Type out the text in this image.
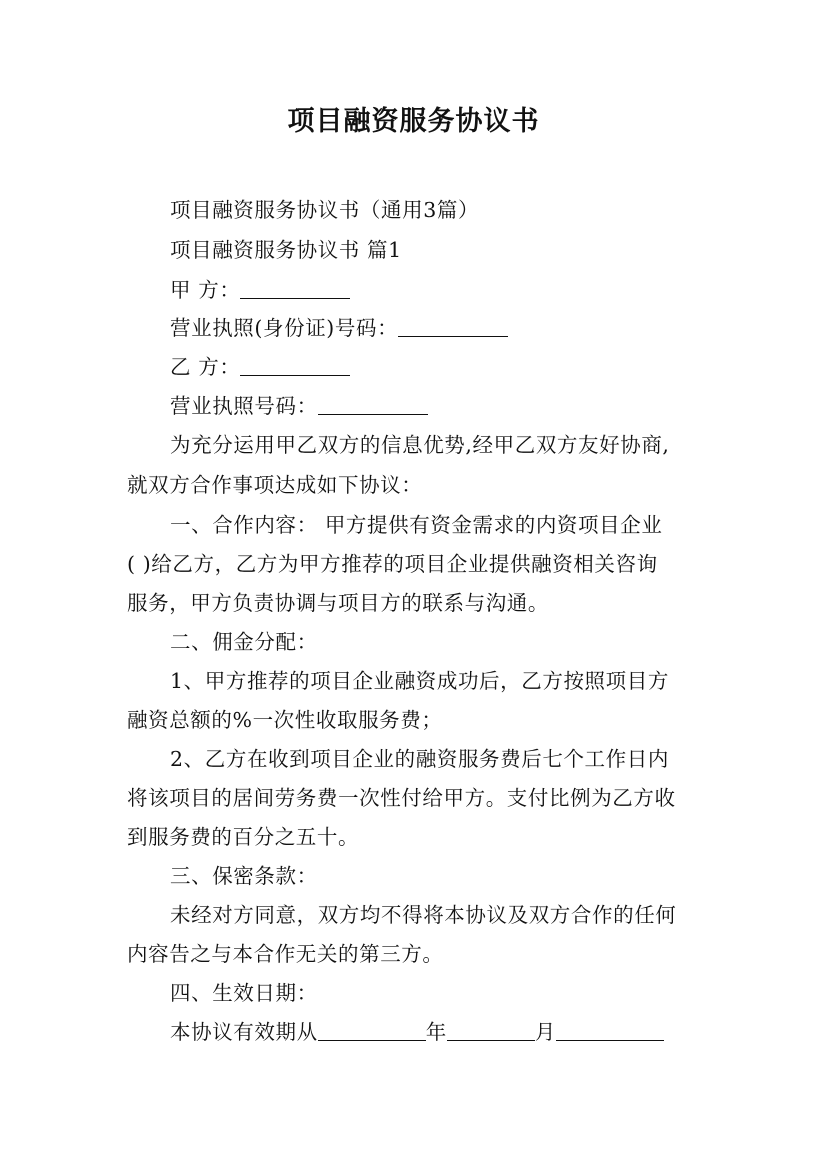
项目融资服务协议书
项目融资服务协议书（通用3篇）
项目融资服务协议书 篇1
甲 方：
营业执照(身份证)号码：
乙 方：
营业执照号码：
为充分运用甲乙双方的信息优势,经甲乙双方友好协商,
就双方合作事项达成如下协议：
一、合作内容： 甲方提供有资金需求的内资项目企业
( )给乙方，乙方为甲方推荐的项目企业提供融资相关咨询
服务，甲方负责协调与项目方的联系与沟通。
二、佣金分配：
1、甲方推荐的项目企业融资成功后，乙方按照项目方
融资总额的%一次性收取服务费；
2、乙方在收到项目企业的融资服务费后七个工作日内
将该项目的居间劳务费一次性付给甲方。支付比例为乙方收
到服务费的百分之五十。
三、保密条款：
未经对方同意，双方均不得将本协议及双方合作的任何
内容告之与本合作无关的第三方。
四、生效日期：
本协议有效期从	年	月
